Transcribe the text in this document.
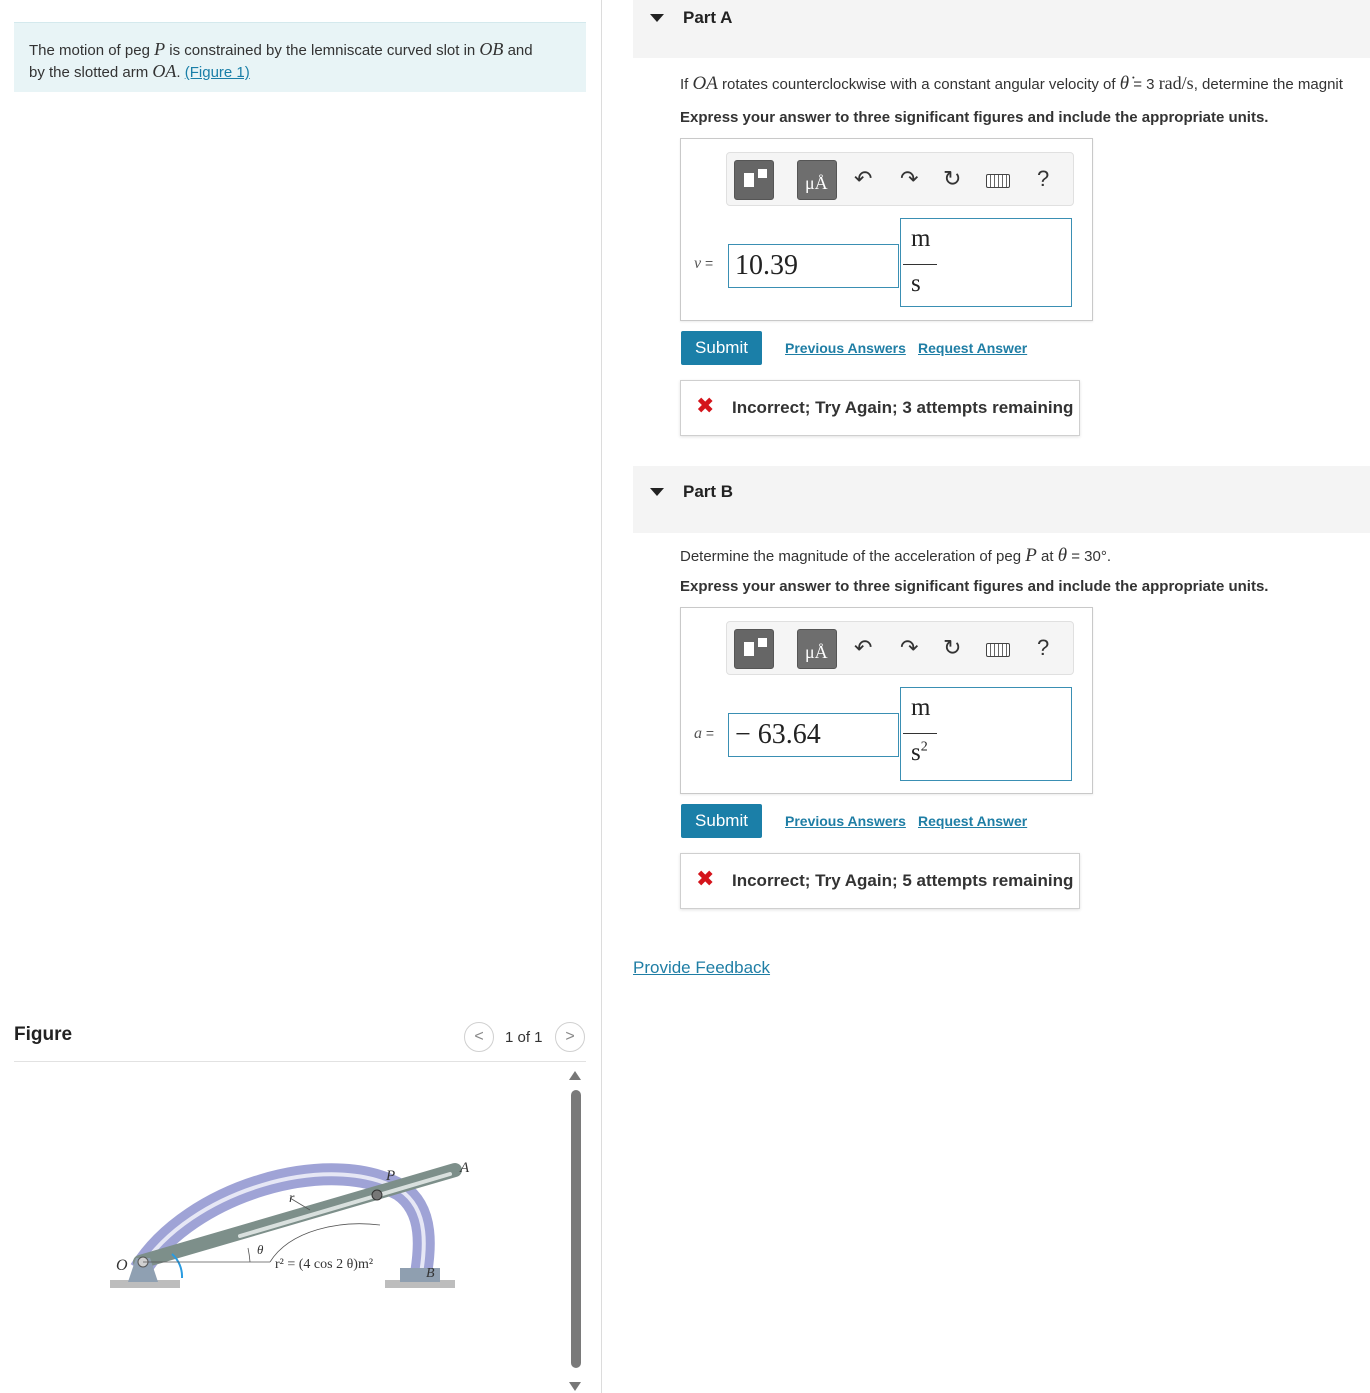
The motion of peg P is constrained by the lemniscate curved slot in OB and
by the slotted arm OA. (Figure 1)
Figure	<	1 of 1	>
O
P	A
B
r
θ
r² = (4 cos 2 θ)m²
Part A
If OA rotates counterclockwise with a constant angular velocity of θ̇ = 3 rad/s, determine the magnit
Express your answer to three significant figures and include the appropriate units.
μÅ ↶ ↷ ↻	?
v = 10.39
m
s
Submit	Previous Answers Request Answer
✖ Incorrect; Try Again; 3 attempts remaining
Part B
Determine the magnitude of the acceleration of peg P at θ = 30°.
Express your answer to three significant figures and include the appropriate units.
μÅ ↶ ↷ ↻	?
a = − 63.64
m
$s^2$
Submit	Previous Answers Request Answer
✖ Incorrect; Try Again; 5 attempts remaining
Provide Feedback
